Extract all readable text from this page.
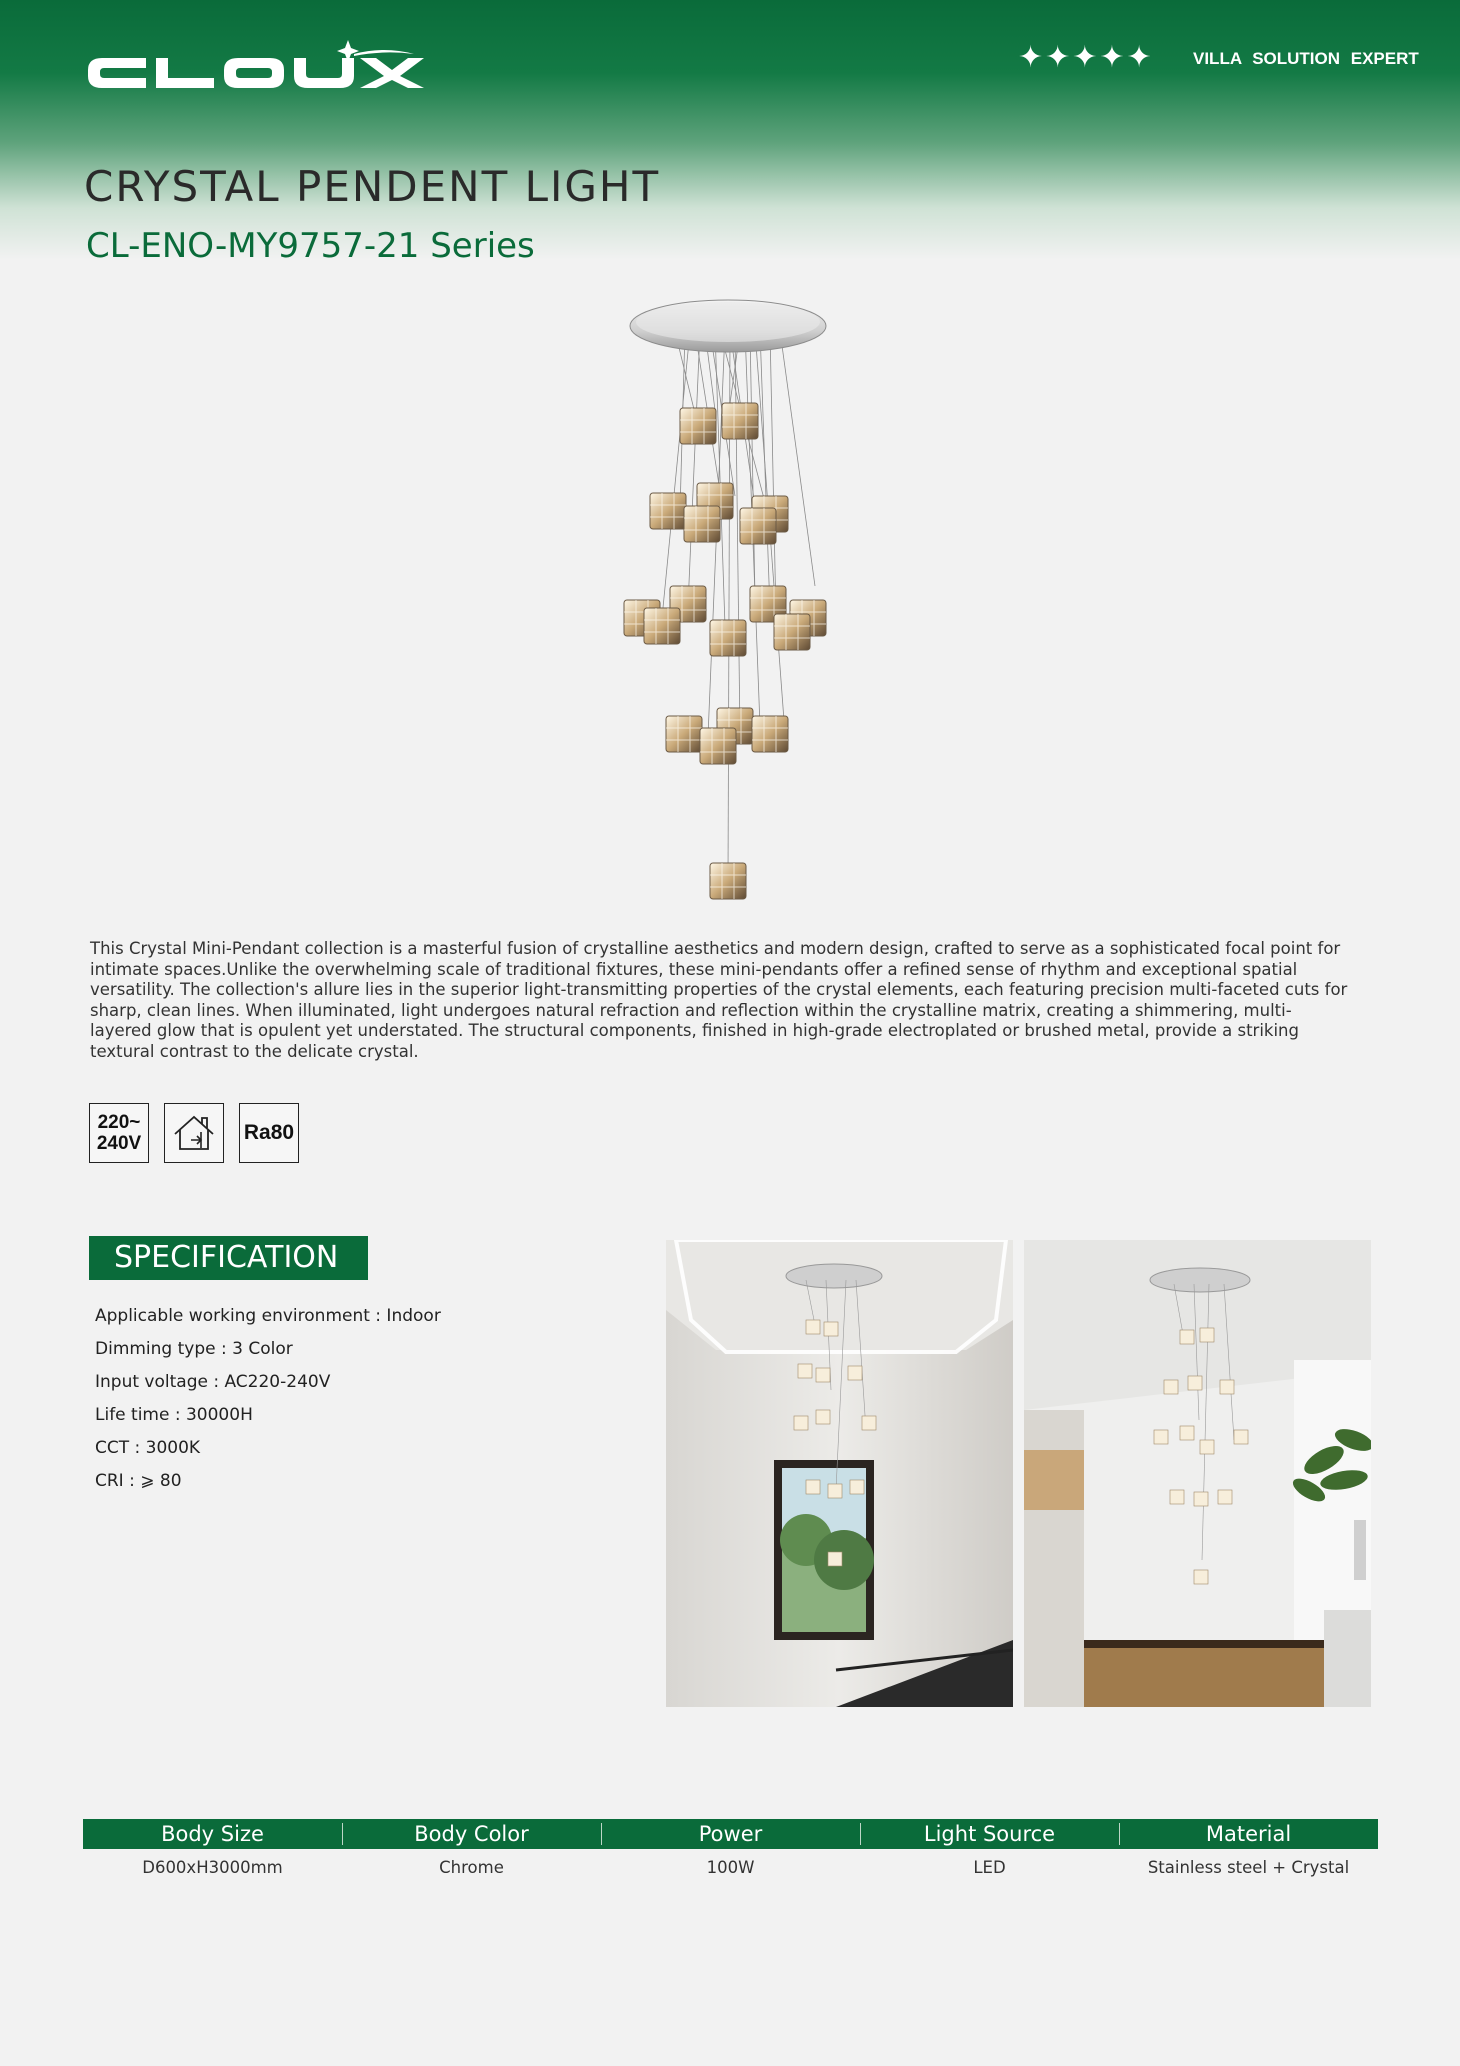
✦✦✦✦✦ VILLA SOLUTION EXPERT
CRYSTAL PENDENT LIGHT
CL-ENO-MY9757-21 Series

This Crystal Mini-Pendant collection is a masterful fusion of crystalline aesthetics and modern design, crafted to serve as a sophisticated focal point for intimate spaces.Unlike the overwhelming scale of traditional fixtures, these mini-pendants offer a refined sense of rhythm and exceptional spatial versatility. The collection's allure lies in the superior light-transmitting properties of the crystal elements, each featuring precision multi-faceted cuts for sharp, clean lines. When illuminated, light undergoes natural refraction and reflection within the crystalline matrix, creating a shimmering, multi-layered glow that is opulent yet understated. The structural components, finished in high-grade electroplated or brushed metal, provide a striking textural contrast to the delicate crystal.

220~
240V	Ra80
SPECIFICATION
Applicable working environment : Indoor
Dimming type : 3 Color
Input voltage : AC220-240V
Life time : 30000H
CCT : 3000K
CRI : ⩾ 80
Body Size	Body Color	Power	Light Source	Material
D600xH3000mm	Chrome	100W	LED	Stainless steel + Crystal
